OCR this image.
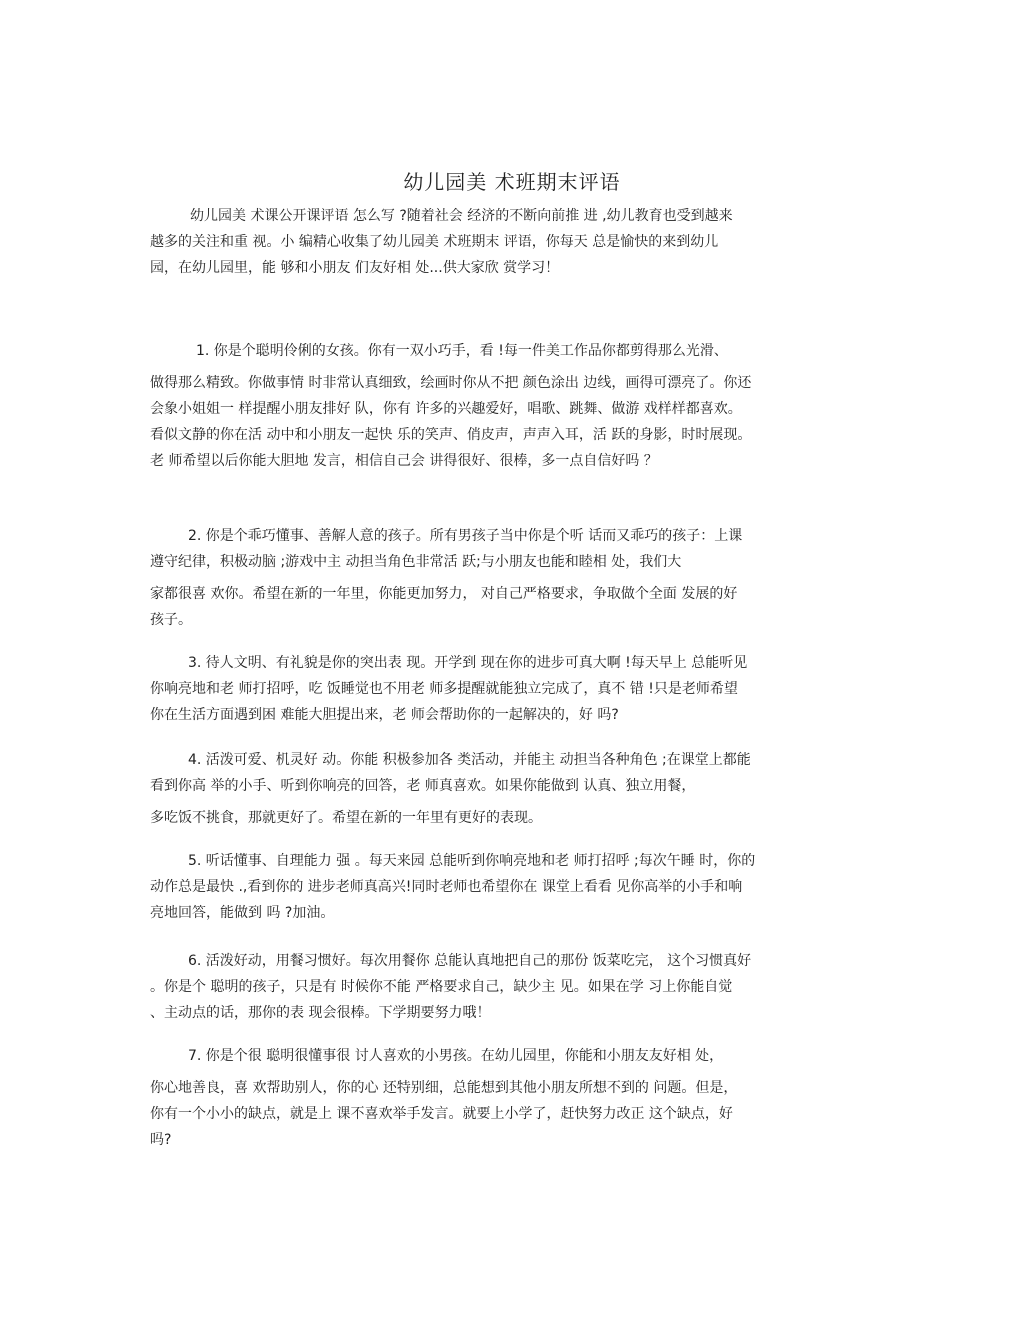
幼儿园美 术班期末评语
幼儿园美 术课公开课评语 怎么写 ?随着社会 经济的不断向前推 进 ,幼儿教育也受到越来
越多的关注和重 视。小 编精心收集了幼儿园美 术班期末 评语，你每天 总是愉快的来到幼儿
园，在幼儿园里，能 够和小朋友 们友好相 处...供大家欣 赏学习！
1. 你是个聪明伶俐的女孩。你有一双小巧手，看 !每一件美工作品你都剪得那么光滑、
做得那么精致。你做事情 时非常认真细致，绘画时你从不把 颜色涂出 边线，画得可漂亮了。你还
会象小姐姐一 样提醒小朋友排好 队，你有 许多的兴趣爱好，唱歌、跳舞、做游 戏样样都喜欢。
看似文静的你在活 动中和小朋友一起快 乐的笑声、俏皮声，声声入耳，活 跃的身影，时时展现。
老 师希望以后你能大胆地 发言，相信自己会 讲得很好、很棒，多一点自信好吗 ？
2. 你是个乖巧懂事、善解人意的孩子。所有男孩子当中你是个听 话而又乖巧的孩子：上课
遵守纪律，积极动脑 ;游戏中主 动担当角色非常活 跃;与小朋友也能和睦相 处，我们大
家都很喜 欢你。希望在新的一年里，你能更加努力， 对自己严格要求，争取做个全面 发展的好
孩子。
3. 待人文明、有礼貌是你的突出表 现。开学到 现在你的进步可真大啊 !每天早上 总能听见
你响亮地和老 师打招呼，吃 饭睡觉也不用老 师多提醒就能独立完成了，真不 错 !只是老师希望
你在生活方面遇到困 难能大胆提出来，老 师会帮助你的一起解决的，好 吗?
4. 活泼可爱、机灵好 动。你能 积极参加各 类活动，并能主 动担当各种角色 ;在课堂上都能
看到你高 举的小手、听到你响亮的回答，老 师真喜欢。如果你能做到 认真、独立用餐，
多吃饭不挑食，那就更好了。希望在新的一年里有更好的表现。
5. 听话懂事、自理能力 强 。每天来园 总能听到你响亮地和老 师打招呼 ;每次午睡 时，你的
动作总是最快 .,看到你的 进步老师真高兴!同时老师也希望你在 课堂上看看 见你高举的小手和响
亮地回答，能做到 吗 ?加油。
6. 活泼好动，用餐习惯好。每次用餐你 总能认真地把自己的那份 饭菜吃完， 这个习惯真好
。你是个 聪明的孩子，只是有 时候你不能 严格要求自己，缺少主 见。如果在学 习上你能自觉
、主动点的话，那你的表 现会很棒。下学期要努力哦！
7. 你是个很 聪明很懂事很 讨人喜欢的小男孩。在幼儿园里，你能和小朋友友好相 处，
你心地善良，喜 欢帮助别人，你的心 还特别细，总能想到其他小朋友所想不到的 问题。但是，
你有一个小小的缺点，就是上 课不喜欢举手发言。就要上小学了，赶快努力改正 这个缺点，好
吗?
